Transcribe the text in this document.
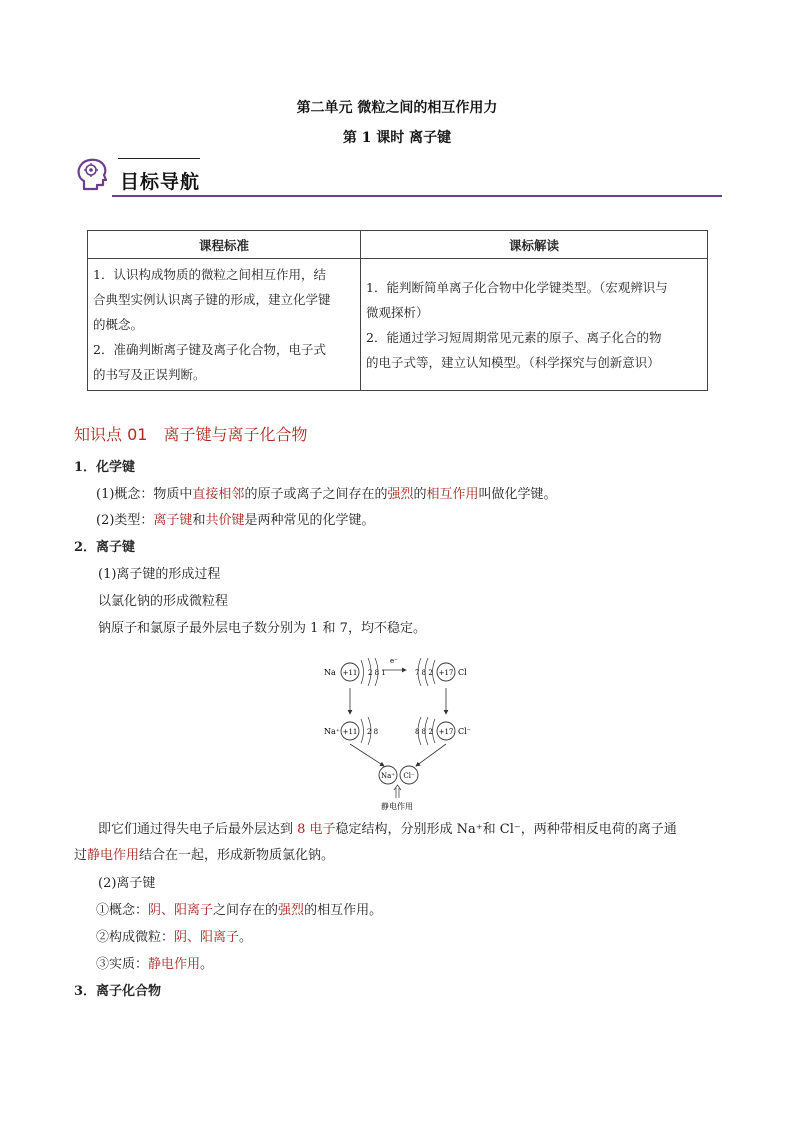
第二单元 微粒之间的相互作用力
第 1 课时 离子键
目标导航
课程标准	课标解读

1．认识构成物质的微粒之间相互作用，结
合典型实例认识离子键的形成，建立化学键
的概念。
2．准确判断离子键及离子化合物，电子式
的书写及正误判断。	1．能判断简单离子化合物中化学键类型。（宏观辨识与
微观探析）
2．能通过学习短周期常见元素的原子、离子化合的物
的电子式等，建立认知模型。（科学探究与创新意识）
知识点 01 离子键与离子化合物
1．化学键
(1)概念：物质中直接相邻的原子或离子之间存在的强烈的相互作用叫做化学键。
(2)类型：离子键和共价键是两种常见的化学键。
2．离子键
(1)离子键的形成过程
以氯化钠的形成微粒程
钠原子和氯原子最外层电子数分别为 1 和 7，均不稳定。
Na +11 2 8 1
e⁻
7 8 2 +17 Cl
Na⁺ +11 2 8	8 8 2 +17 Cl⁻
Na⁺ Cl⁻
静电作用
即它们通过得失电子后最外层达到 8 电子稳定结构，分别形成 Na⁺和 Cl⁻，两种带相反电荷的离子通
过静电作用结合在一起，形成新物质氯化钠。
(2)离子键
①概念：阴、阳离子之间存在的强烈的相互作用。
②构成微粒：阴、阳离子。
③实质：静电作用。
3．离子化合物
